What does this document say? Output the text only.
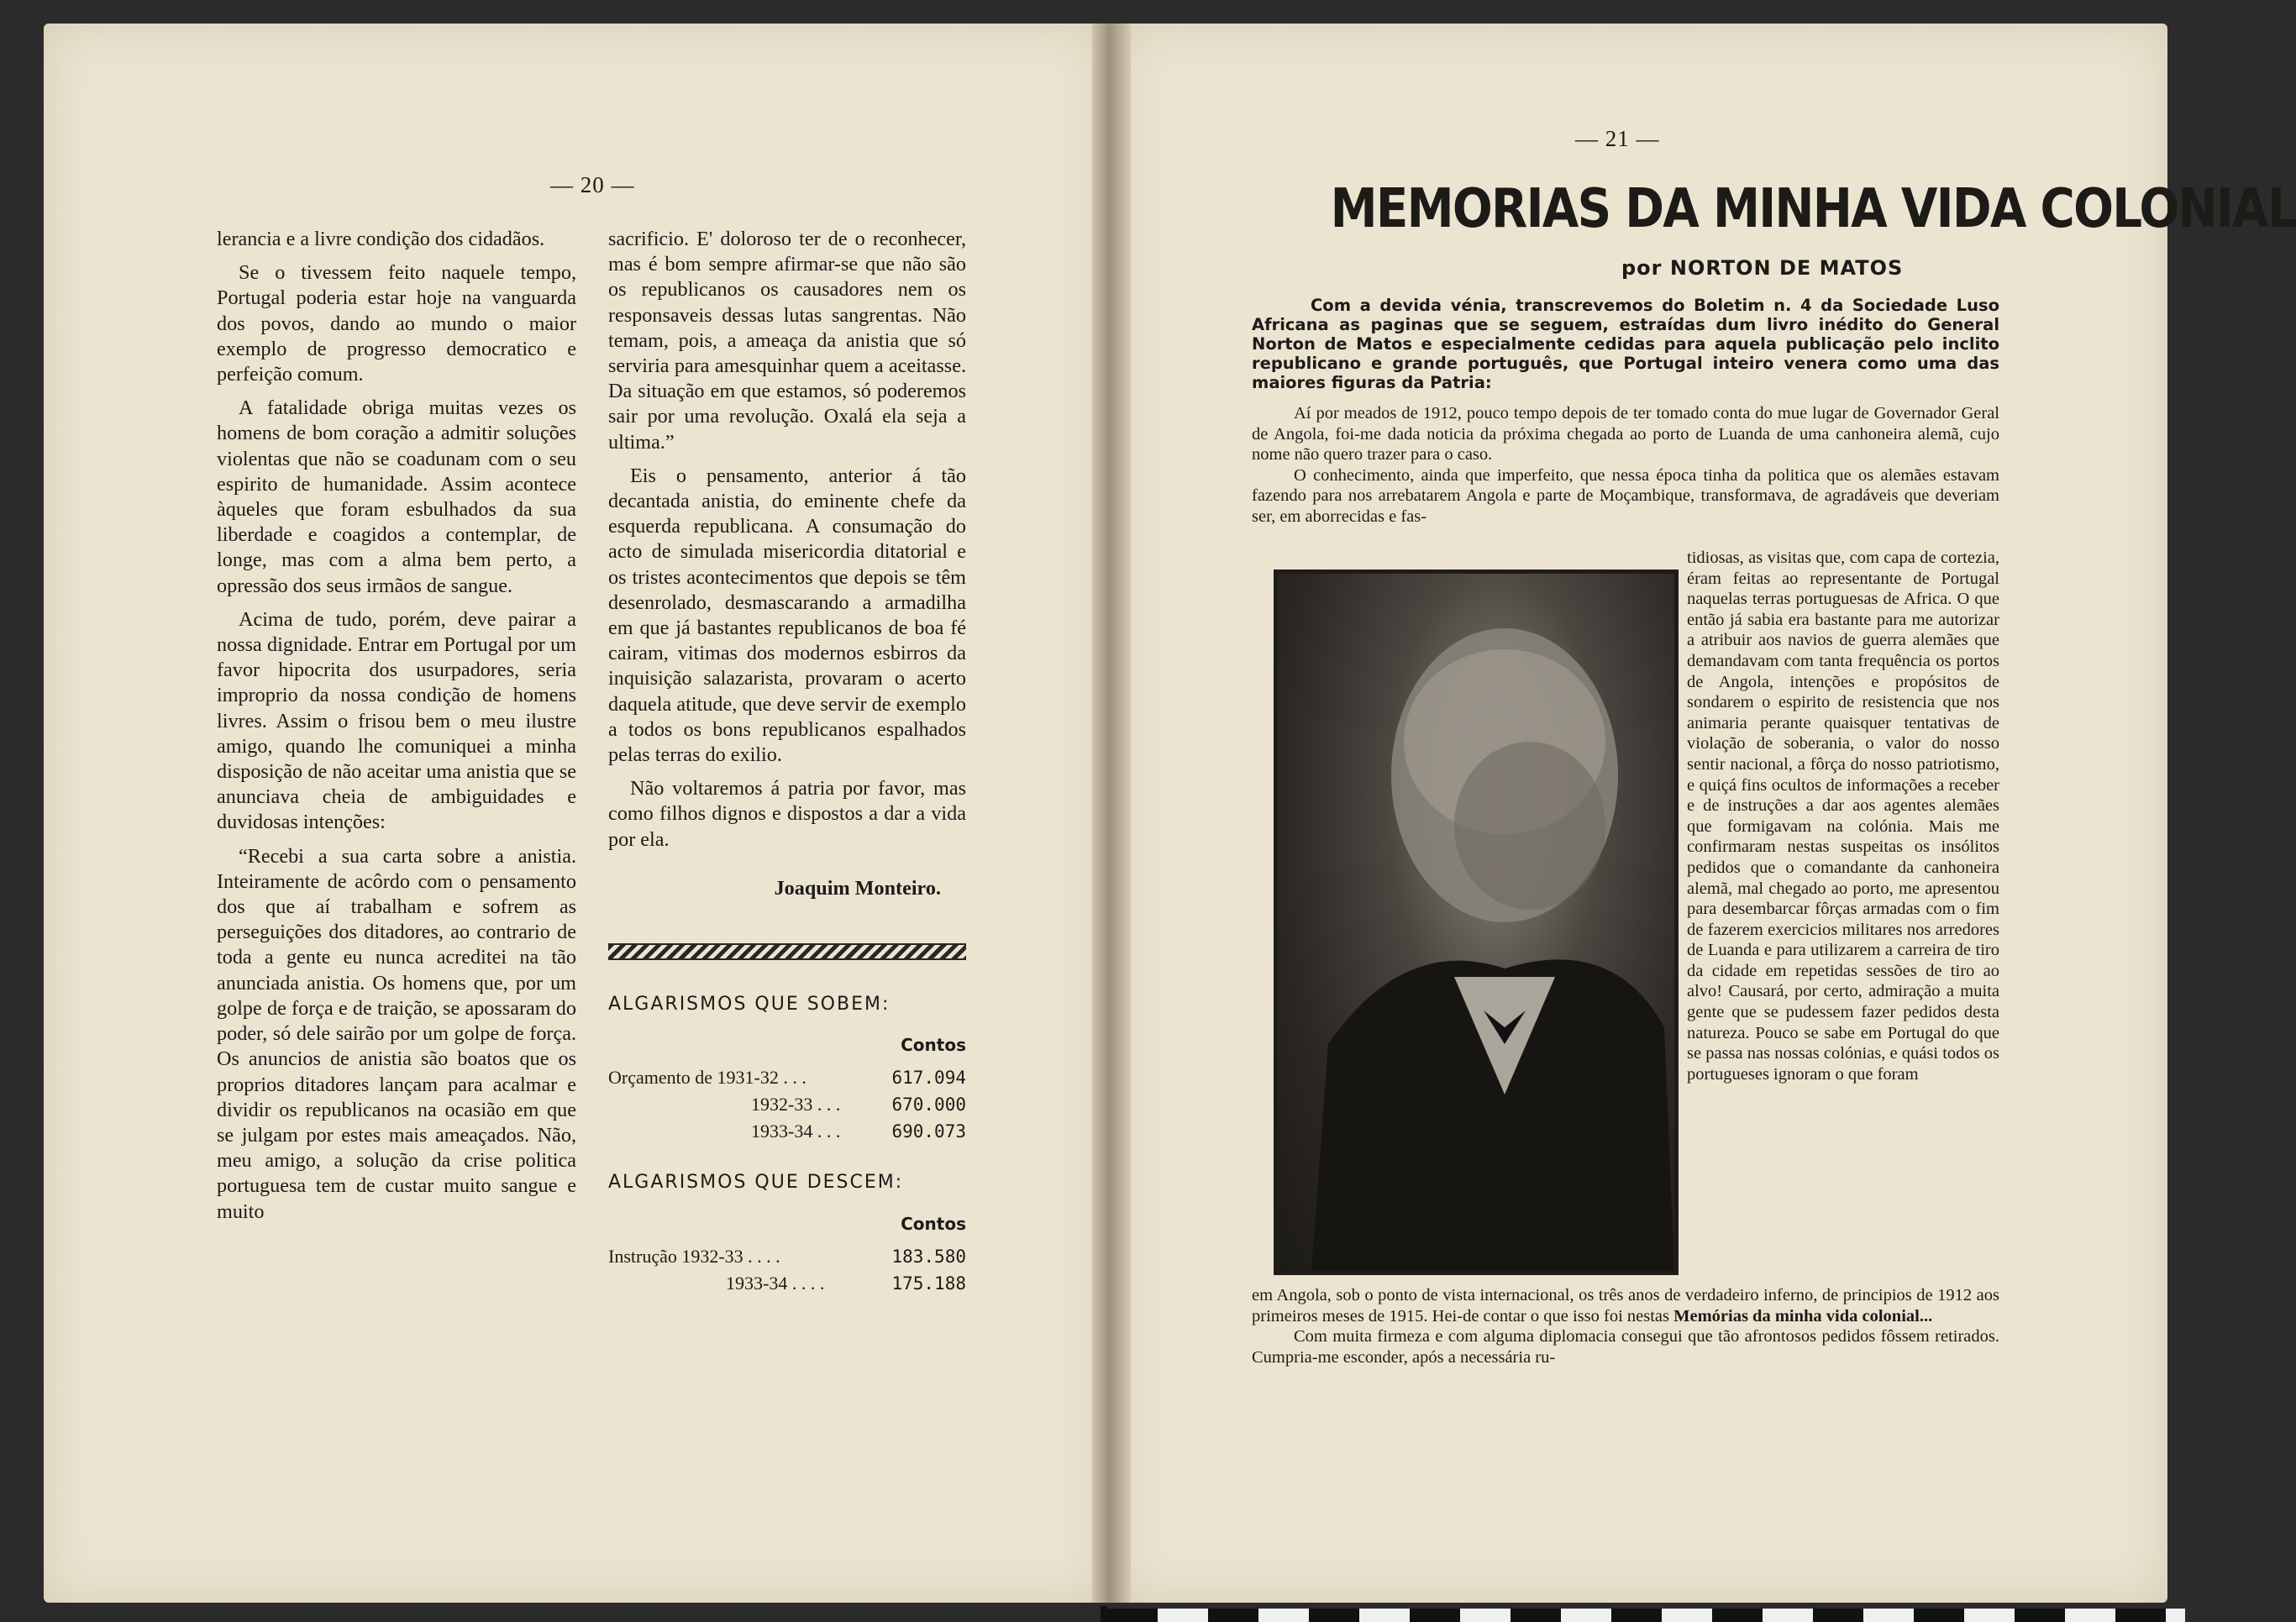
— 20 —

lerancia e a livre condição dos cidadãos.

Se o tivessem feito naquele tempo, Portugal poderia estar hoje na vanguarda dos povos, dando ao mundo o maior exemplo de progresso democratico e perfeição comum.

A fatalidade obriga muitas vezes os homens de bom coração a admitir soluções violentas que não se coadunam com o seu espirito de humanidade. Assim acontece àqueles que foram esbulhados da sua liberdade e coagidos a contemplar, de longe, mas com a alma bem perto, a opressão dos seus irmãos de sangue.

Acima de tudo, porém, deve pairar a nossa dignidade. Entrar em Portugal por um favor hipocrita dos usurpadores, seria improprio da nossa condição de homens livres. Assim o frisou bem o meu ilustre amigo, quando lhe comuniquei a minha disposição de não aceitar uma anistia que se anunciava cheia de ambiguidades e duvidosas intenções:

“Recebi a sua carta sobre a anistia. Inteiramente de acôrdo com o pensamento dos que aí trabalham e sofrem as perseguições dos ditadores, ao contrario de toda a gente eu nunca acreditei na tão anunciada anistia. Os homens que, por um golpe de força e de traição, se apossaram do poder, só dele sairão por um golpe de força. Os anuncios de anistia são boatos que os proprios ditadores lançam para acalmar e dividir os republicanos na ocasião em que se julgam por estes mais ameaçados. Não, meu amigo, a solução da crise politica portuguesa tem de custar muito sangue e muito

sacrificio. E' doloroso ter de o reconhecer, mas é bom sempre afirmar-se que não são os republicanos os causadores nem os responsaveis dessas lutas sangrentas. Não temam, pois, a ameaça da anistia que só serviria para amesquinhar quem a aceitasse. Da situação em que estamos, só poderemos sair por uma revolução. Oxalá ela seja a ultima.”

Eis o pensamento, anterior á tão decantada anistia, do eminente chefe da esquerda republicana. A consumação do acto de simulada misericordia ditatorial e os tristes acontecimentos que depois se têm desenrolado, desmascarando a armadilha em que já bastantes republicanos de boa fé cairam, vitimas dos modernos esbirros da inquisição salazarista, provaram o acerto daquela atitude, que deve servir de exemplo a todos os bons republicanos espalhados pelas terras do exilio.

Não voltaremos á patria por favor, mas como filhos dignos e dispostos a dar a vida por ela.

Joaquim Monteiro.

ALGARISMOS QUE SOBEM:
Contos
Orçamento de 1931-32 . . .	617.094
1932-33 . . .	670.000
1933-34 . . .	690.073
ALGARISMOS QUE DESCEM:
Contos
Instrução 1932-33 . . . .	183.580
1933-34 . . . .	175.188
— 21 —
MEMORIAS DA MINHA VIDA COLONIAL
por NORTON DE MATOS

Com a devida vénia, transcrevemos do Boletim n. 4 da Sociedade Luso Africana as paginas que se seguem, estraídas dum livro inédito do General Norton de Matos e especialmente cedidas para aquela publicação pelo inclito republicano e grande português, que Portugal inteiro venera como uma das maiores figuras da Patria:

Aí por meados de 1912, pouco tempo depois de ter tomado conta do mue lugar de Governador Geral de Angola, foi-me dada noticia da próxima chegada ao porto de Luanda de uma canhoneira alemã, cujo nome não quero trazer para o caso.

O conhecimento, ainda que imperfeito, que nessa época tinha da politica que os alemães estavam fazendo para nos arrebatarem Angola e parte de Moçambique, transformava, de agradáveis que deveriam ser, em aborrecidas e fas-

tidiosas, as visitas que, com capa de cortezia, éram feitas ao representante de Portugal naquelas terras portuguesas de Africa. O que então já sabia era bastante para me autorizar a atribuir aos navios de guerra alemães que demandavam com tanta frequência os portos de Angola, intenções e propósitos de sondarem o espirito de resistencia que nos animaria perante quaisquer tentativas de violação de soberania, o valor do nosso sentir nacional, a fôrça do nosso patriotismo, e quiçá fins ocultos de informações a receber e de instruções a dar aos agentes alemães que formigavam na colónia. Mais me confirmaram nestas suspeitas os insólitos pedidos que o comandante da canhoneira alemã, mal chegado ao porto, me apresentou para desembarcar fôrças armadas com o fim de fazerem exercicios militares nos arredores de Luanda e para utilizarem a carreira de tiro da cidade em repetidas sessões de tiro ao alvo! Causará, por certo, admiração a muita gente que se pudessem fazer pedidos desta natureza. Pouco se sabe em Portugal do que se passa nas nossas colónias, e quási todos os portugueses ignoram o que foram

em Angola, sob o ponto de vista internacional, os três anos de verdadeiro inferno, de principios de 1912 aos primeiros meses de 1915. Hei-de contar o que isso foi nestas Memórias da minha vida colonial...

Com muita firmeza e com alguma diplomacia consegui que tão afrontosos pedidos fôssem retirados. Cumpria-me esconder, após a necessária ru-
